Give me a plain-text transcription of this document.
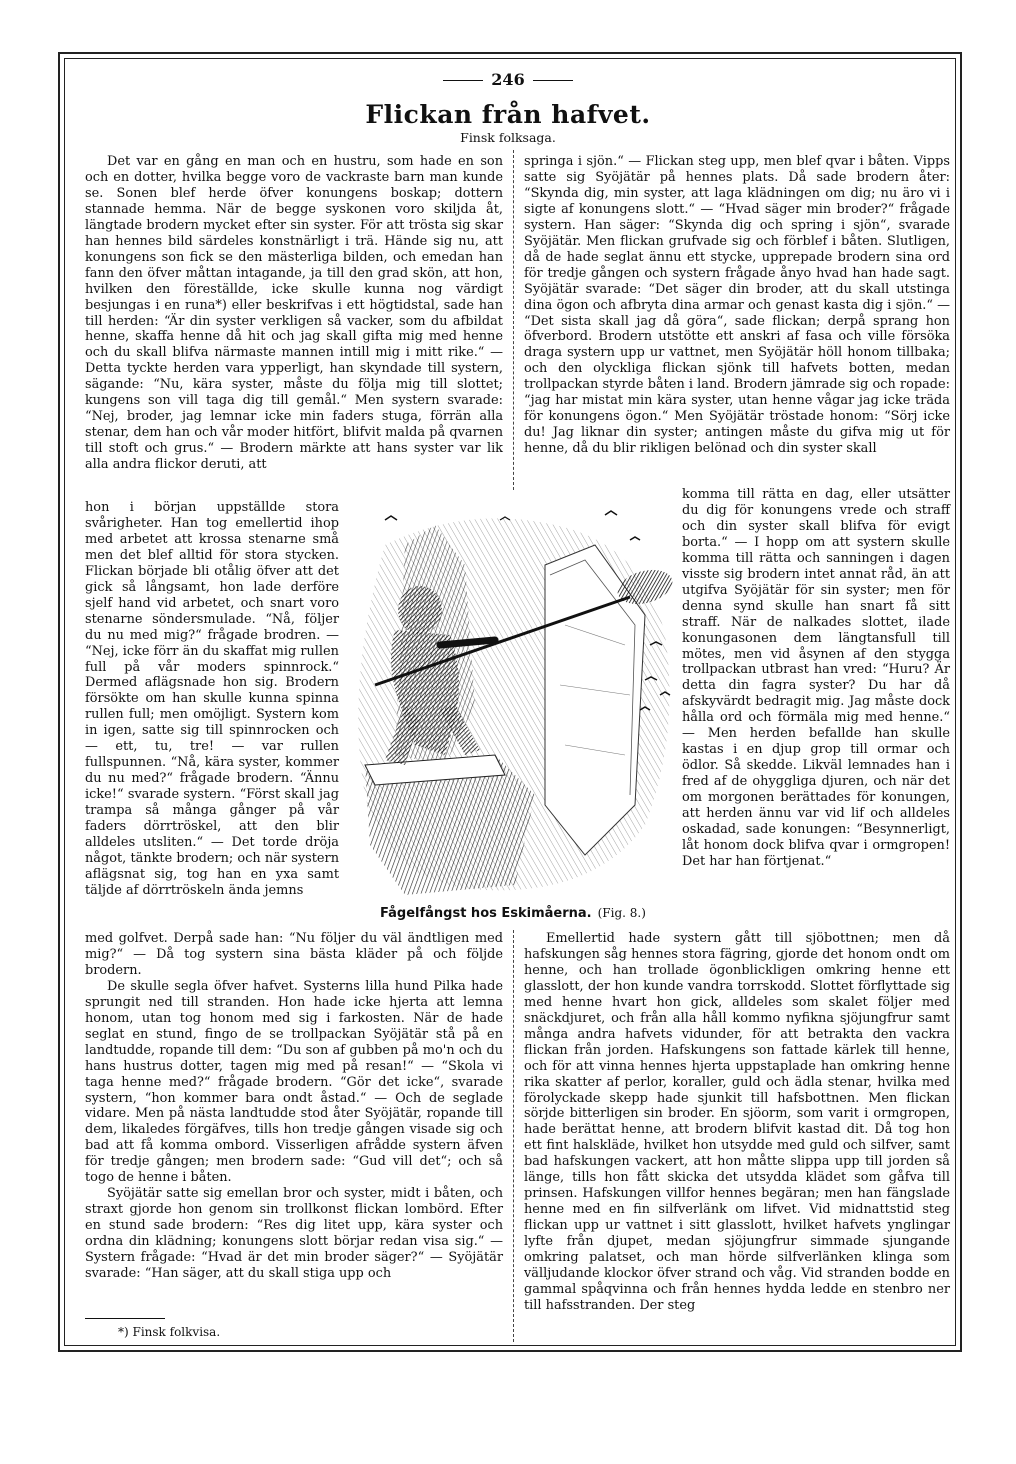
246
Flickan från hafvet.
Finsk folksaga.

Det var en gång en man och en hustru, som hade en son och en dotter, hvilka begge voro de vackraste barn man kunde se. Sonen blef herde öfver konungens boskap; dottern stannade hemma. När de begge syskonen voro skiljda åt, längtade brodern mycket efter sin syster. För att trösta sig skar han hennes bild särdeles konstnärligt i trä. Hände sig nu, att konungens son fick se den mästerliga bilden, och emedan han fann den öfver måttan intagande, ja till den grad skön, att hon, hvilken den föreställde, icke skulle kunna nog värdigt besjungas i en runa*) eller beskrifvas i ett högtidstal, sade han till herden: “Är din syster verkligen så vacker, som du afbildat henne, skaffa henne då hit och jag skall gifta mig med henne och du skall blifva närmaste mannen intill mig i mitt rike.“ — Detta tyckte herden vara ypperligt, han skyndade till systern, sägande: “Nu, kära syster, måste du följa mig till slottet; kungens son vill taga dig till gemål.“ Men systern svarade: “Nej, broder, jag lemnar icke min faders stuga, förrän alla stenar, dem han och vår moder hitfört, blifvit malda på qvarnen till stoft och grus.“ — Brodern märkte att hans syster var lik alla andra flickor deruti, att

hon i början uppställde stora svårigheter. Han tog emellertid ihop med arbetet att krossa stenarne små men det blef alltid för stora stycken. Flickan började bli otålig öfver att det gick så långsamt, hon lade derföre sjelf hand vid arbetet, och snart voro stenarne söndersmulade. “Nå, följer du nu med mig?“ frågade brodren. — “Nej, icke förr än du skaffat mig rullen full på vår moders spinnrock.“ Dermed aflägsnade hon sig. Brodern försökte om han skulle kunna spinna rullen full; men omöjligt. Systern kom in igen, satte sig till spinnrocken och — ett, tu, tre! — var rullen fullspunnen. “Nå, kära syster, kommer du nu med?“ frågade brodern. “Ännu icke!“ svarade systern. “Först skall jag trampa så många gånger på vår faders dörrtröskel, att den blir alldeles utsliten.“ — Det torde dröja något, tänkte brodern; och när systern aflägsnat sig, tog han en yxa samt täljde af dörrtröskeln ända jemns

med golfvet. Derpå sade han: “Nu följer du väl ändtligen med mig?“ — Då tog systern sina bästa kläder på och följde brodern.

De skulle segla öfver hafvet. Systerns lilla hund Pilka hade sprungit ned till stranden. Hon hade icke hjerta att lemna honom, utan tog honom med sig i farkosten. När de hade seglat en stund, fingo de se trollpackan Syöjätär stå på en landtudde, ropande till dem: “Du son af gubben på mo'n och du hans hustrus dotter, tagen mig med på resan!“ — “Skola vi taga henne med?“ frågade brodern. “Gör det icke“, svarade systern, “hon kommer bara ondt åstad.“ — Och de seglade vidare. Men på nästa landtudde stod åter Syöjätär, ropande till dem, likaledes förgäfves, tills hon tredje gången visade sig och bad att få komma ombord. Visserligen afrådde systern äfven för tredje gången; men brodern sade: “Gud vill det“; och så togo de henne i båten.

Syöjätär satte sig emellan bror och syster, midt i båten, och straxt gjorde hon genom sin trollkonst flickan lombörd. Efter en stund sade brodern: “Res dig litet upp, kära syster och ordna din klädning; konungens slott börjar redan visa sig.“ — Systern frågade: “Hvad är det min broder säger?“ — Syöjätär svarade: “Han säger, att du skall stiga upp och

springa i sjön.“ — Flickan steg upp, men blef qvar i båten. Vipps satte sig Syöjätär på hennes plats. Då sade brodern åter: “Skynda dig, min syster, att laga klädningen om dig; nu äro vi i sigte af konungens slott.“ — “Hvad säger min broder?“ frågade systern. Han säger: “Skynda dig och spring i sjön“, svarade Syöjätär. Men flickan grufvade sig och förblef i båten. Slutligen, då de hade seglat ännu ett stycke, upprepade brodern sina ord för tredje gången och systern frågade ånyo hvad han hade sagt. Syöjätär svarade: “Det säger din broder, att du skall utstinga dina ögon och afbryta dina armar och genast kasta dig i sjön.“ — “Det sista skall jag då göra“, sade flickan; derpå sprang hon öfverbord. Brodern utstötte ett anskri af fasa och ville försöka draga systern upp ur vattnet, men Syöjätär höll honom tillbaka; och den olyckliga flickan sjönk till hafvets botten, medan trollpackan styrde båten i land. Brodern jämrade sig och ropade: “jag har mistat min kära syster, utan henne vågar jag icke träda för konungens ögon.“ Men Syöjätär tröstade honom: “Sörj icke du! Jag liknar din syster; antingen måste du gifva mig ut för henne, då du blir rikligen belönad och din syster skall

komma till rätta en dag, eller utsätter du dig för konungens vrede och straff och din syster skall blifva för evigt borta.“ — I hopp om att systern skulle komma till rätta och sanningen i dagen visste sig brodern intet annat råd, än att utgifva Syöjätär för sin syster; men för denna synd skulle han snart få sitt straff. När de nalkades slottet, ilade konungasonen dem längtansfull till mötes, men vid åsynen af den stygga trollpackan utbrast han vred: “Huru? Är detta din fagra syster? Du har då afskyvärdt bedragit mig. Jag måste dock hålla ord och förmäla mig med henne.“ — Men herden befallde han skulle kastas i en djup grop till ormar och ödlor. Så skedde. Likväl lemnades han i fred af de ohyggliga djuren, och när det om morgonen berättades för konungen, att herden ännu var vid lif och alldeles oskadad, sade konungen: “Besynnerligt, låt honom dock blifva qvar i ormgropen! Det har han förtjenat.“

Emellertid hade systern gått till sjöbottnen; men då hafskungen såg hennes stora fägring, gjorde det honom ondt om henne, och han trollade ögonblickligen omkring henne ett glasslott, der hon kunde vandra torrskodd. Slottet förflyttade sig med henne hvart hon gick, alldeles som skalet följer med snäckdjuret, och från alla håll kommo nyfikna sjöjungfrur samt många andra hafvets vidunder, för att betrakta den vackra flickan från jorden. Hafskungens son fattade kärlek till henne, och för att vinna hennes hjerta uppstaplade han omkring henne rika skatter af perlor, koraller, guld och ädla stenar, hvilka med förolyckade skepp hade sjunkit till hafsbottnen. Men flickan sörjde bitterligen sin broder. En sjöorm, som varit i ormgropen, hade berättat henne, att brodern blifvit kastad dit. Då tog hon ett fint halskläde, hvilket hon utsydde med guld och silfver, samt bad hafskungen vackert, att hon måtte slippa upp till jorden så länge, tills hon fått skicka det utsydda klädet som gåfva till prinsen. Hafskungen villfor hennes begäran; men han fängslade henne med en fin silfverlänk om lifvet. Vid midnattstid steg flickan upp ur vattnet i sitt glasslott, hvilket hafvets ynglingar lyfte från djupet, medan sjöjungfrur simmade sjungande omkring palatset, och man hörde silfverlänken klinga som välljudande klockor öfver strand och våg. Vid stranden bodde en gammal spåqvinna och från hennes hydda ledde en stenbro ner till hafsstranden. Der steg

Fågelfångst hos Eskimåerna. (Fig. 8.)
*) Finsk folkvisa.
